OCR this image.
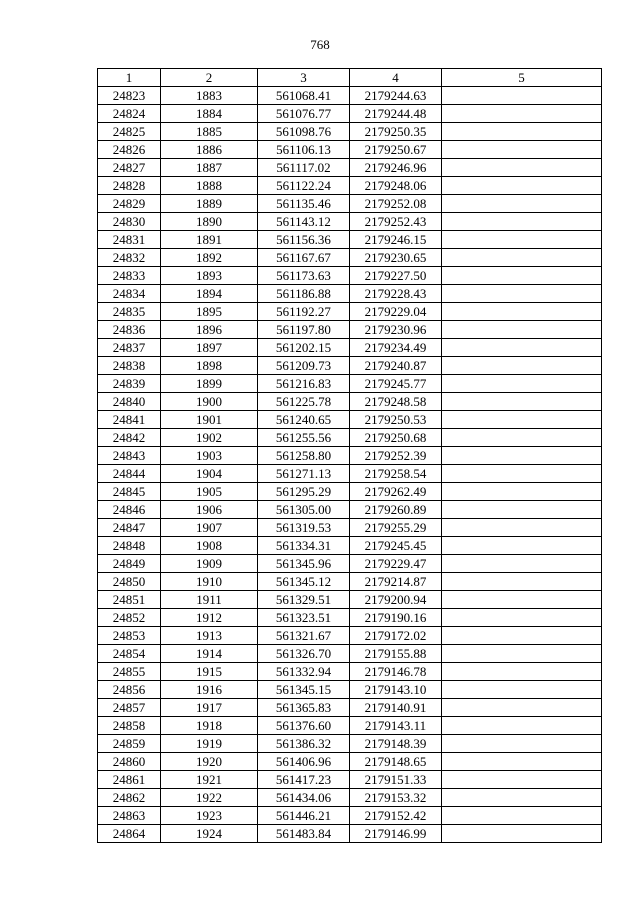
768
1	2	3	4	5
24823	1883	561068.41	2179244.63	
24824	1884	561076.77	2179244.48	
24825	1885	561098.76	2179250.35	
24826	1886	561106.13	2179250.67	
24827	1887	561117.02	2179246.96	
24828	1888	561122.24	2179248.06	
24829	1889	561135.46	2179252.08	
24830	1890	561143.12	2179252.43	
24831	1891	561156.36	2179246.15	
24832	1892	561167.67	2179230.65	
24833	1893	561173.63	2179227.50	
24834	1894	561186.88	2179228.43	
24835	1895	561192.27	2179229.04	
24836	1896	561197.80	2179230.96	
24837	1897	561202.15	2179234.49	
24838	1898	561209.73	2179240.87	
24839	1899	561216.83	2179245.77	
24840	1900	561225.78	2179248.58	
24841	1901	561240.65	2179250.53	
24842	1902	561255.56	2179250.68	
24843	1903	561258.80	2179252.39	
24844	1904	561271.13	2179258.54	
24845	1905	561295.29	2179262.49	
24846	1906	561305.00	2179260.89	
24847	1907	561319.53	2179255.29	
24848	1908	561334.31	2179245.45	
24849	1909	561345.96	2179229.47	
24850	1910	561345.12	2179214.87	
24851	1911	561329.51	2179200.94	
24852	1912	561323.51	2179190.16	
24853	1913	561321.67	2179172.02	
24854	1914	561326.70	2179155.88	
24855	1915	561332.94	2179146.78	
24856	1916	561345.15	2179143.10	
24857	1917	561365.83	2179140.91	
24858	1918	561376.60	2179143.11	
24859	1919	561386.32	2179148.39	
24860	1920	561406.96	2179148.65	
24861	1921	561417.23	2179151.33	
24862	1922	561434.06	2179153.32	
24863	1923	561446.21	2179152.42	
24864	1924	561483.84	2179146.99	
